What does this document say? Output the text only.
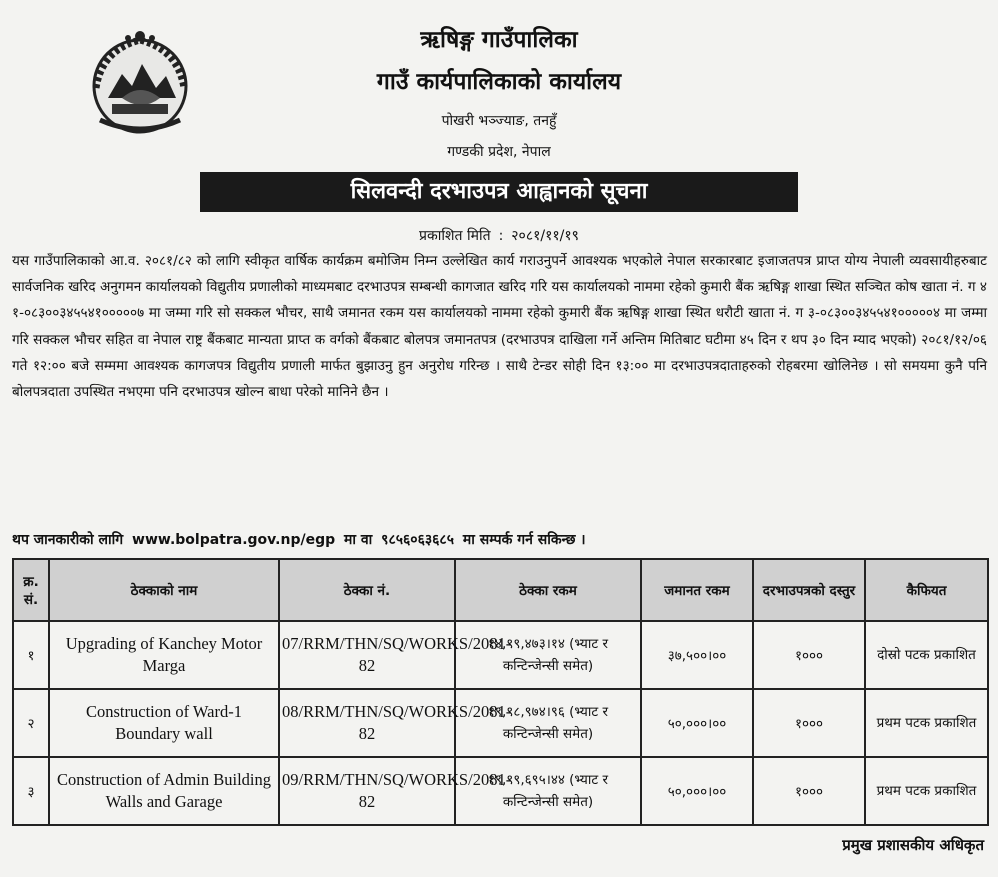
ऋषिङ्ग गाउँपालिका
गाउँ कार्यपालिकाको कार्यालय
पोखरी भञ्ज्याङ, तनहुँ
गण्डकी प्रदेश, नेपाल
सिलवन्दी दरभाउपत्र आह्वानको सूचना
प्रकाशित मिति : २०८१/११/१९

यस गाउँपालिकाको आ.व. २०८१/८२ को लागि स्वीकृत वार्षिक कार्यक्रम बमोजिम निम्न उल्लेखित कार्य गराउनुपर्ने आवश्यक भएकोले नेपाल सरकारबाट इजाजतपत्र प्राप्त योग्य नेपाली व्यवसायीहरुबाट सार्वजनिक खरिद अनुगमन कार्यालयको विद्युतीय प्रणालीको माध्यमबाट दरभाउपत्र सम्बन्धी कागजात खरिद गरि यस कार्यालयको नाममा रहेको कुमारी बैंक ऋषिङ्ग शाखा स्थित सञ्चित कोष खाता नं. ग ४ १-०८३००३४५५४१०००००७ मा जम्मा गरि सो सक्कल भौचर, साथै जमानत रकम यस कार्यालयको नाममा रहेको कुमारी बैंक ऋषिङ्ग शाखा स्थित धरौटी खाता नं. ग ३-०८३००३४५५४१०००००४ मा जम्मा गरि सक्कल भौचर सहित वा नेपाल राष्ट्र बैंकबाट मान्यता प्राप्त क वर्गको बैंकबाट बोलपत्र जमानतपत्र (दरभाउपत्र दाखिला गर्ने अन्तिम मितिबाट घटीमा ४५ दिन र थप ३० दिन म्याद भएको) २०८१/१२/०६ गते १२:०० बजे सम्ममा आवश्यक कागजपत्र विद्युतीय प्रणाली मार्फत बुझाउनु हुन अनुरोध गरिन्छ । साथै टेन्डर सोही दिन १३:०० मा दरभाउपत्रदाताहरुको रोहबरमा खोलिनेछ । सो समयमा कुनै पनि बोलपत्रदाता उपस्थित नभएमा पनि दरभाउपत्र खोल्न बाधा परेको मानिने छैन ।

थप जानकारीको लागि www.bolpatra.gov.np/egp मा वा ९८५६०६३६८५ मा सम्पर्क गर्न सकिन्छ ।
क्र. सं.	ठेक्काको नाम	ठेक्का नं.	ठेक्का रकम	जमानत रकम	दरभाउपत्रको दस्तुर	कैफियत
१	Upgrading of Kanchey Motor Marga	07/RRM/THN/SQ/WORKS/2081-82	१४,९९,४७३।१४ (भ्याट र कन्टिन्जेन्सी समेत)	३७,५००।००	१०००	दोस्रो पटक प्रकाशित
२	Construction of Ward-1 Boundary wall	08/RRM/THN/SQ/WORKS/2081-82	१९,९८,९७४।९६ (भ्याट र कन्टिन्जेन्सी समेत)	५०,०००।००	१०००	प्रथम पटक प्रकाशित
३	Construction of Admin Building Walls and Garage	09/RRM/THN/SQ/WORKS/2081-82	१९,९९,६९५।४४ (भ्याट र कन्टिन्जेन्सी समेत)	५०,०००।००	१०००	प्रथम पटक प्रकाशित
प्रमुख प्रशासकीय अधिकृत
